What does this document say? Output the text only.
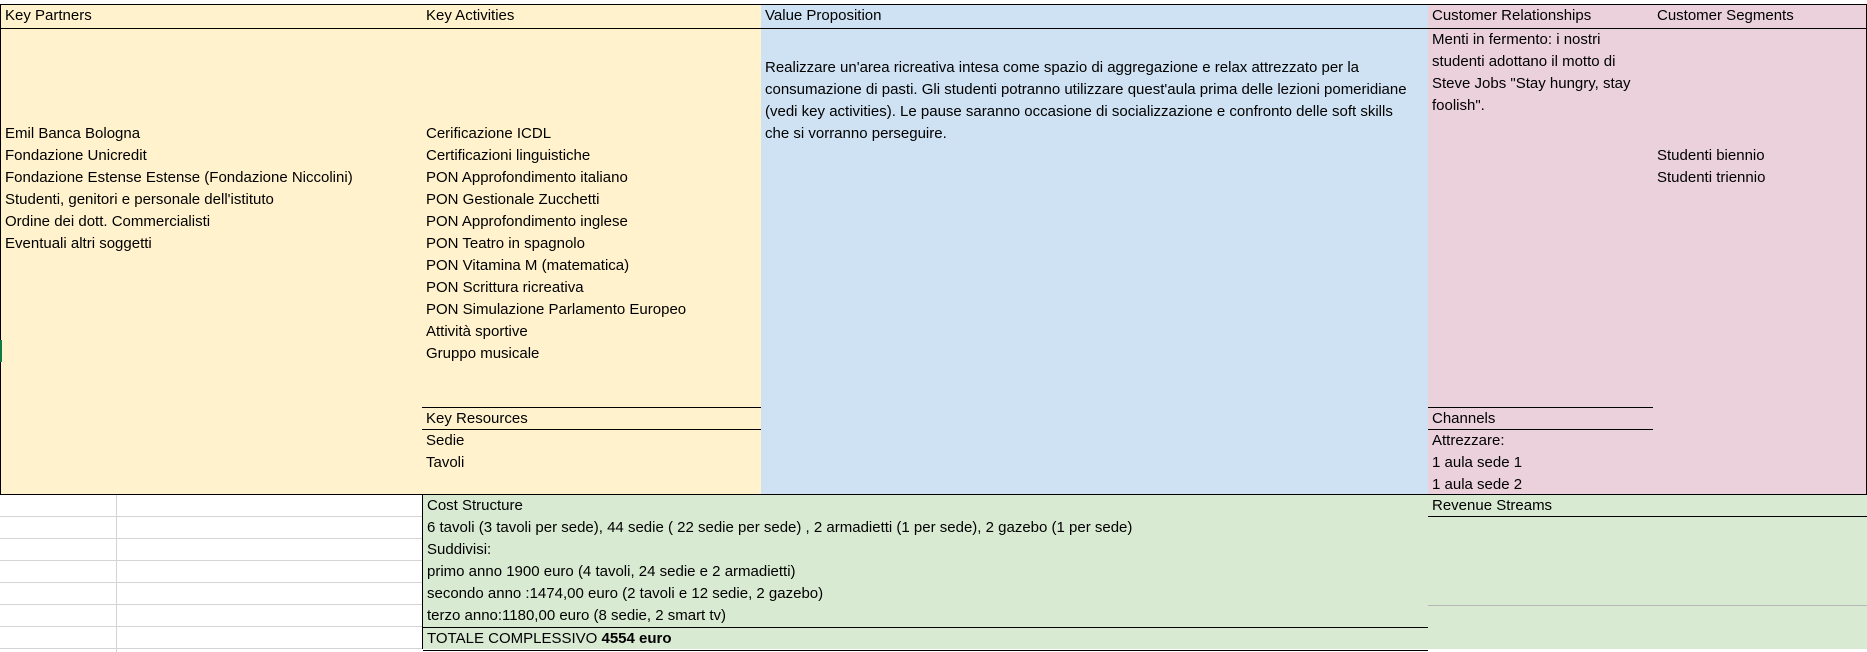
Key Partners
Emil Banca Bologna
Fondazione Unicredit
Fondazione Estense Estense (Fondazione Niccolini)
Studenti, genitori e personale dell'istituto
Ordine dei dott. Commercialisti
Eventuali altri soggetti
Key Activities
Cerificazione ICDL
Certificazioni linguistiche
PON Approfondimento italiano
PON Gestionale Zucchetti
PON Approfondimento inglese
PON Teatro in spagnolo
PON Vitamina M (matematica)
PON Scrittura ricreativa
PON Simulazione Parlamento Europeo
Attività sportive
Gruppo musicale
Key Resources
Sedie
Tavoli
Value Proposition
Realizzare un'area ricreativa intesa come spazio di aggregazione e relax attrezzato per la consumazione di pasti. Gli studenti potranno utilizzare quest'aula prima delle lezioni pomeridiane (vedi key activities). Le pause saranno occasione di socializzazione e confronto delle soft skills che si vorranno perseguire.
Customer Relationships
Menti in fermento: i nostri studenti adottano il motto di Steve Jobs "Stay hungry, stay foolish".
Channels
Attrezzare:
1 aula sede 1
1 aula sede 2
Customer Segments
Studenti biennio
Studenti triennio
Cost Structure
6 tavoli (3 tavoli per sede), 44 sedie ( 22 sedie per sede) , 2 armadietti (1 per sede), 2 gazebo (1 per sede)
Suddivisi:
primo anno 1900 euro (4 tavoli, 24 sedie e 2 armadietti)
secondo anno :1474,00 euro (2 tavoli e 12 sedie, 2 gazebo)
terzo anno:1180,00 euro (8 sedie, 2 smart tv)
TOTALE COMPLESSIVO 4554 euro
Revenue Streams
